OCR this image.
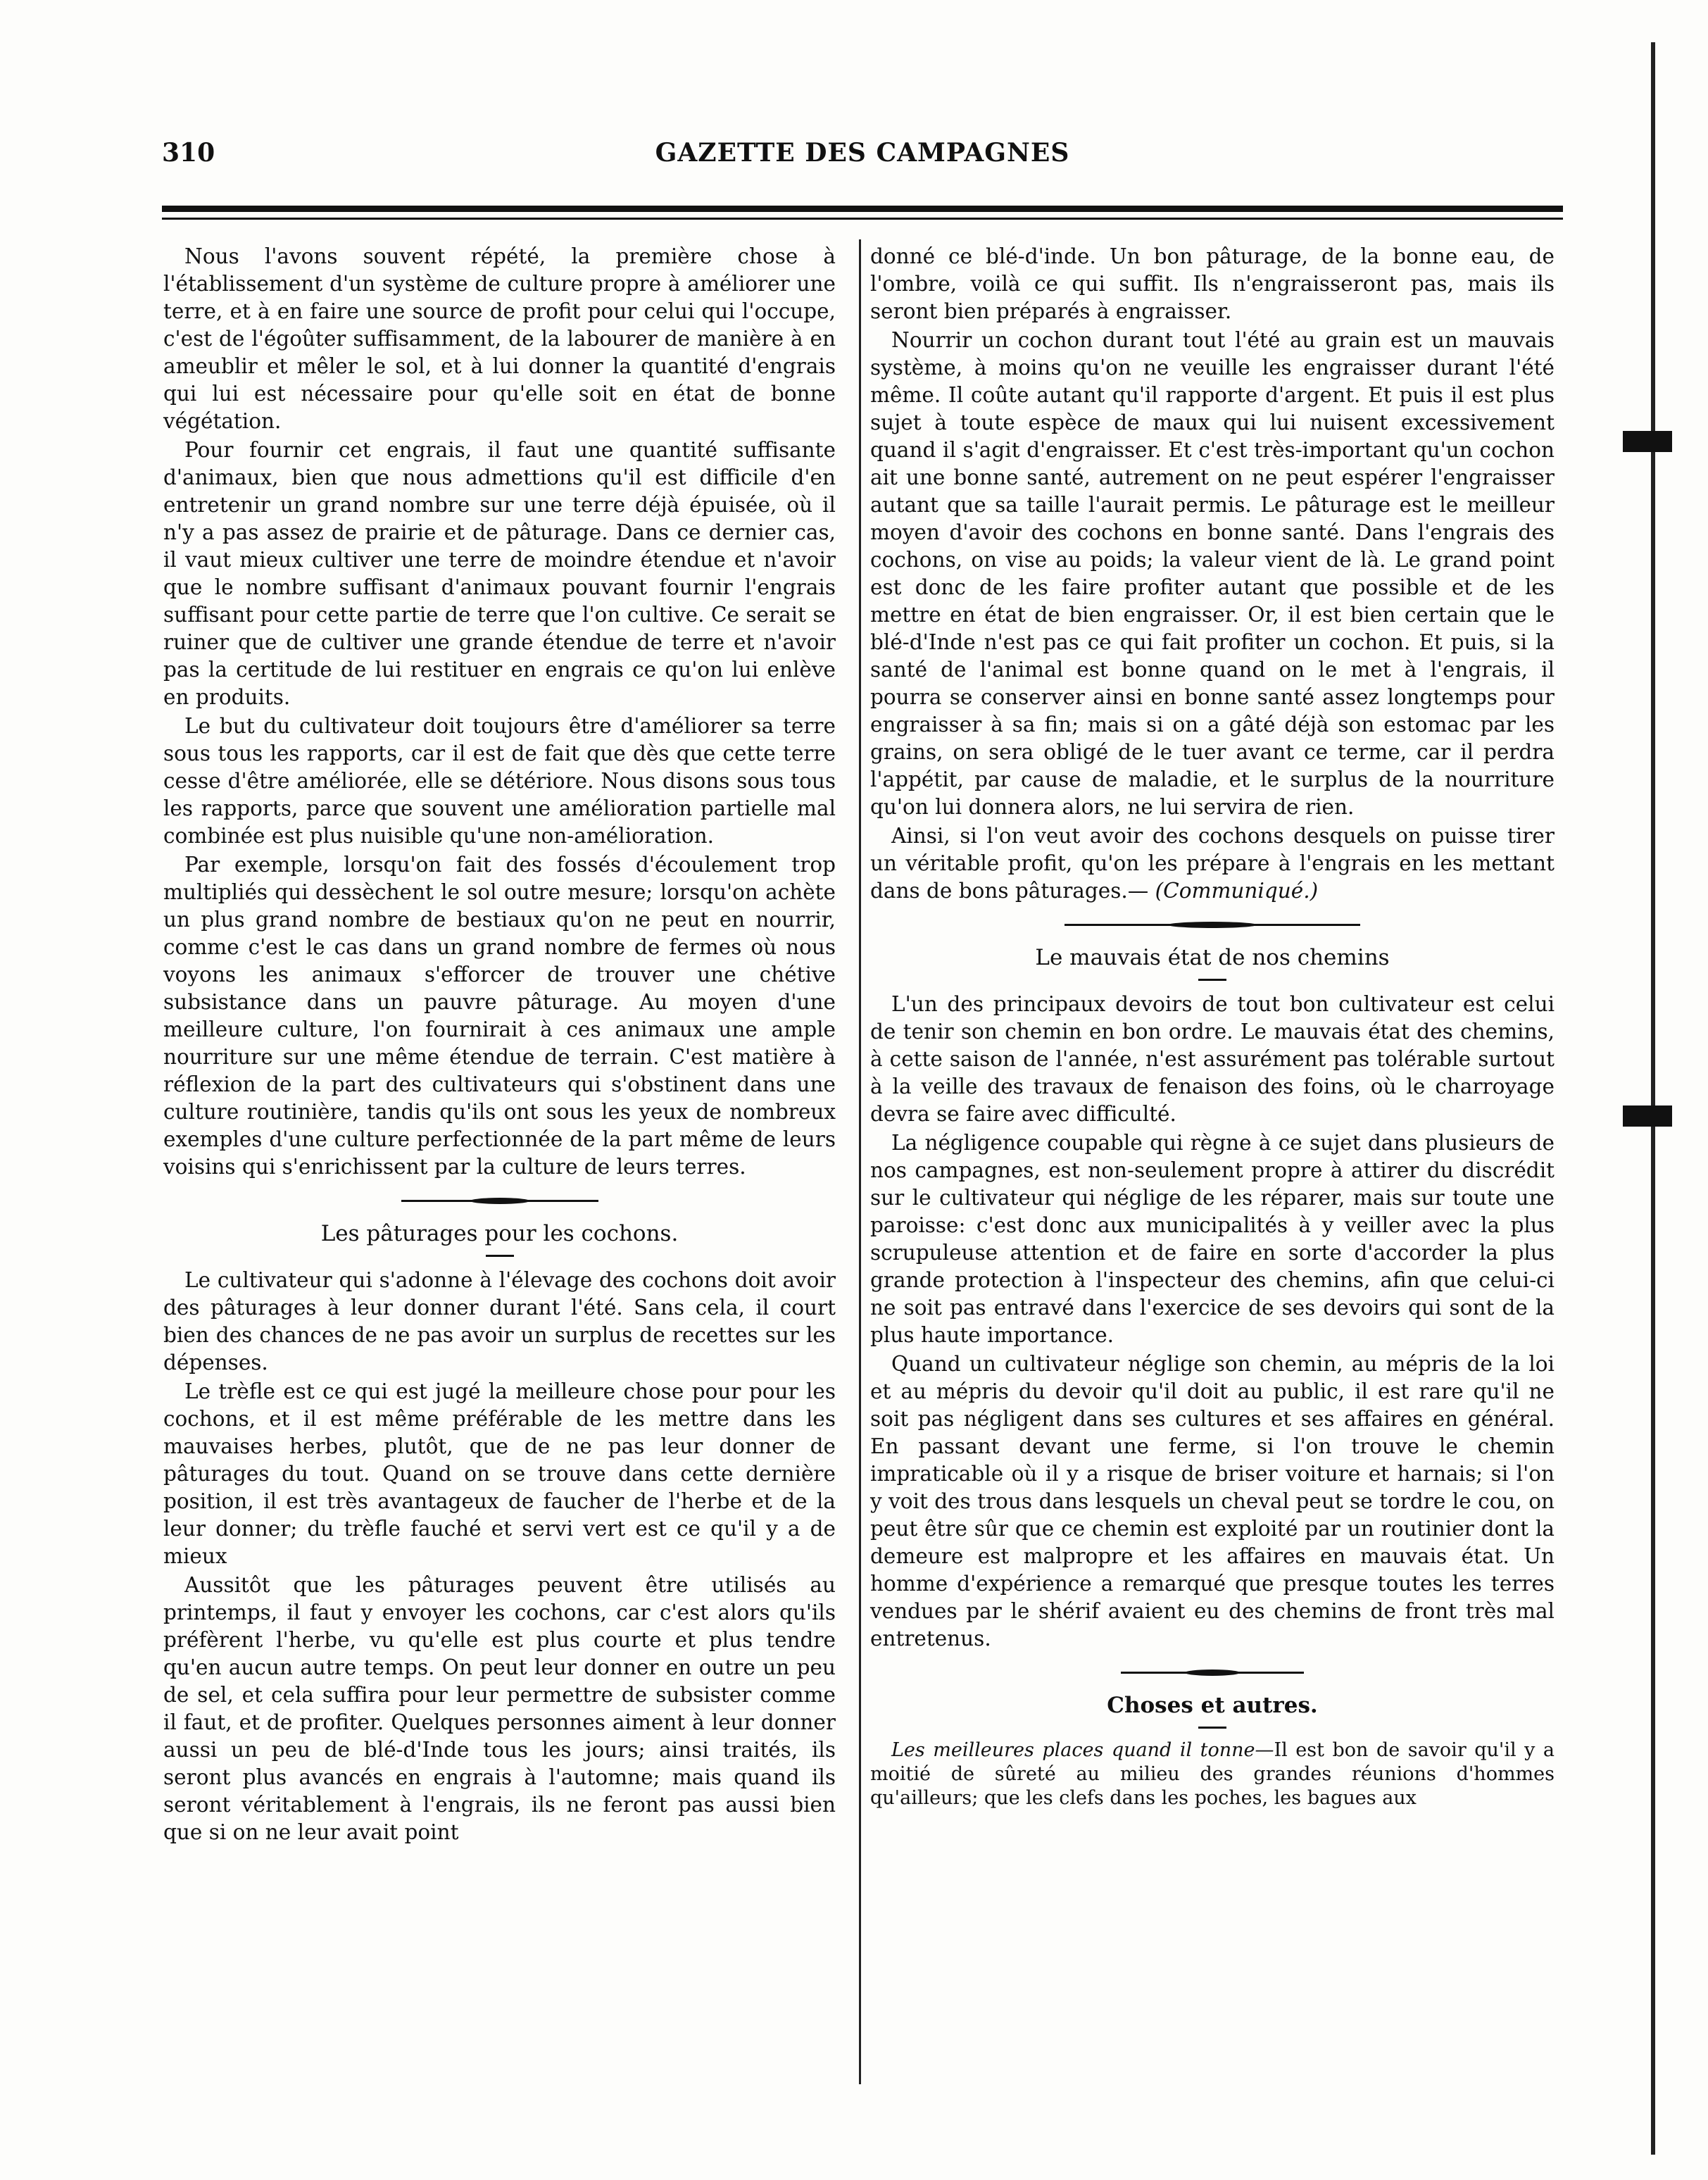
310	GAZETTE DES CAMPAGNES

Nous l'avons souvent répété, la première chose à l'établissement d'un système de culture propre à améliorer une terre, et à en faire une source de profit pour celui qui l'occupe, c'est de l'égoûter suffisamment, de la labourer de manière à en ameublir et mêler le sol, et à lui donner la quantité d'engrais qui lui est nécessaire pour qu'elle soit en état de bonne végétation.

Pour fournir cet engrais, il faut une quantité suffisante d'animaux, bien que nous admettions qu'il est difficile d'en entretenir un grand nombre sur une terre déjà épuisée, où il n'y a pas assez de prairie et de pâturage. Dans ce dernier cas, il vaut mieux cultiver une terre de moindre étendue et n'avoir que le nombre suffisant d'animaux pouvant fournir l'engrais suffisant pour cette partie de terre que l'on cultive. Ce serait se ruiner que de cultiver une grande étendue de terre et n'avoir pas la certitude de lui restituer en engrais ce qu'on lui enlève en produits.

Le but du cultivateur doit toujours être d'améliorer sa terre sous tous les rapports, car il est de fait que dès que cette terre cesse d'être améliorée, elle se détériore. Nous disons sous tous les rapports, parce que souvent une amélioration partielle mal combinée est plus nuisible qu'une non-amélioration.

Par exemple, lorsqu'on fait des fossés d'écoulement trop multipliés qui dessèchent le sol outre mesure; lorsqu'on achète un plus grand nombre de bestiaux qu'on ne peut en nourrir, comme c'est le cas dans un grand nombre de fermes où nous voyons les animaux s'efforcer de trouver une chétive subsistance dans un pauvre pâturage. Au moyen d'une meilleure culture, l'on fournirait à ces animaux une ample nourriture sur une même étendue de terrain. C'est matière à réflexion de la part des cultivateurs qui s'obstinent dans une culture routinière, tandis qu'ils ont sous les yeux de nombreux exemples d'une culture perfectionnée de la part même de leurs voisins qui s'enrichissent par la culture de leurs terres.

Les pâturages pour les cochons.

Le cultivateur qui s'adonne à l'élevage des cochons doit avoir des pâturages à leur donner durant l'été. Sans cela, il court bien des chances de ne pas avoir un surplus de recettes sur les dépenses.

Le trèfle est ce qui est jugé la meilleure chose pour pour les cochons, et il est même préférable de les mettre dans les mauvaises herbes, plutôt, que de ne pas leur donner de pâturages du tout. Quand on se trouve dans cette dernière position, il est très avantageux de faucher de l'herbe et de la leur donner; du trèfle fauché et servi vert est ce qu'il y a de mieux

Aussitôt que les pâturages peuvent être utilisés au printemps, il faut y envoyer les cochons, car c'est alors qu'ils préfèrent l'herbe, vu qu'elle est plus courte et plus tendre qu'en aucun autre temps. On peut leur donner en outre un peu de sel, et cela suffira pour leur permettre de subsister comme il faut, et de profiter. Quelques personnes aiment à leur donner aussi un peu de blé-d'Inde tous les jours; ainsi traités, ils seront plus avancés en engrais à l'automne; mais quand ils seront véritablement à l'engrais, ils ne feront pas aussi bien que si on ne leur avait point

donné ce blé-d'inde. Un bon pâturage, de la bonne eau, de l'ombre, voilà ce qui suffit. Ils n'engraisseront pas, mais ils seront bien préparés à engraisser.

Nourrir un cochon durant tout l'été au grain est un mauvais système, à moins qu'on ne veuille les engraisser durant l'été même. Il coûte autant qu'il rapporte d'argent. Et puis il est plus sujet à toute espèce de maux qui lui nuisent excessivement quand il s'agit d'engraisser. Et c'est très-important qu'un cochon ait une bonne santé, autrement on ne peut espérer l'engraisser autant que sa taille l'aurait permis. Le pâturage est le meilleur moyen d'avoir des cochons en bonne santé. Dans l'engrais des cochons, on vise au poids; la valeur vient de là. Le grand point est donc de les faire profiter autant que possible et de les mettre en état de bien engraisser. Or, il est bien certain que le blé-d'Inde n'est pas ce qui fait profiter un cochon. Et puis, si la santé de l'animal est bonne quand on le met à l'engrais, il pourra se conserver ainsi en bonne santé assez longtemps pour engraisser à sa fin; mais si on a gâté déjà son estomac par les grains, on sera obligé de le tuer avant ce terme, car il perdra l'appétit, par cause de maladie, et le surplus de la nourriture qu'on lui donnera alors, ne lui servira de rien.

Ainsi, si l'on veut avoir des cochons desquels on puisse tirer un véritable profit, qu'on les prépare à l'engrais en les mettant dans de bons pâturages.— (Communiqué.)

Le mauvais état de nos chemins

L'un des principaux devoirs de tout bon cultivateur est celui de tenir son chemin en bon ordre. Le mauvais état des chemins, à cette saison de l'année, n'est assurément pas tolérable surtout à la veille des travaux de fenaison des foins, où le charroyage devra se faire avec difficulté.

La négligence coupable qui règne à ce sujet dans plusieurs de nos campagnes, est non-seulement propre à attirer du discrédit sur le cultivateur qui néglige de les réparer, mais sur toute une paroisse: c'est donc aux municipalités à y veiller avec la plus scrupuleuse attention et de faire en sorte d'accorder la plus grande protection à l'inspecteur des chemins, afin que celui-ci ne soit pas entravé dans l'exercice de ses devoirs qui sont de la plus haute importance.

Quand un cultivateur néglige son chemin, au mépris de la loi et au mépris du devoir qu'il doit au public, il est rare qu'il ne soit pas négligent dans ses cultures et ses affaires en général. En passant devant une ferme, si l'on trouve le chemin impraticable où il y a risque de briser voiture et harnais; si l'on y voit des trous dans lesquels un cheval peut se tordre le cou, on peut être sûr que ce chemin est exploité par un routinier dont la demeure est malpropre et les affaires en mauvais état. Un homme d'expérience a remarqué que presque toutes les terres vendues par le shérif avaient eu des chemins de front très mal entretenus.

Choses et autres.

Les meilleures places quand il tonne—Il est bon de savoir qu'il y a moitié de sûreté au milieu des grandes réunions d'hommes qu'ailleurs; que les clefs dans les poches, les bagues aux
